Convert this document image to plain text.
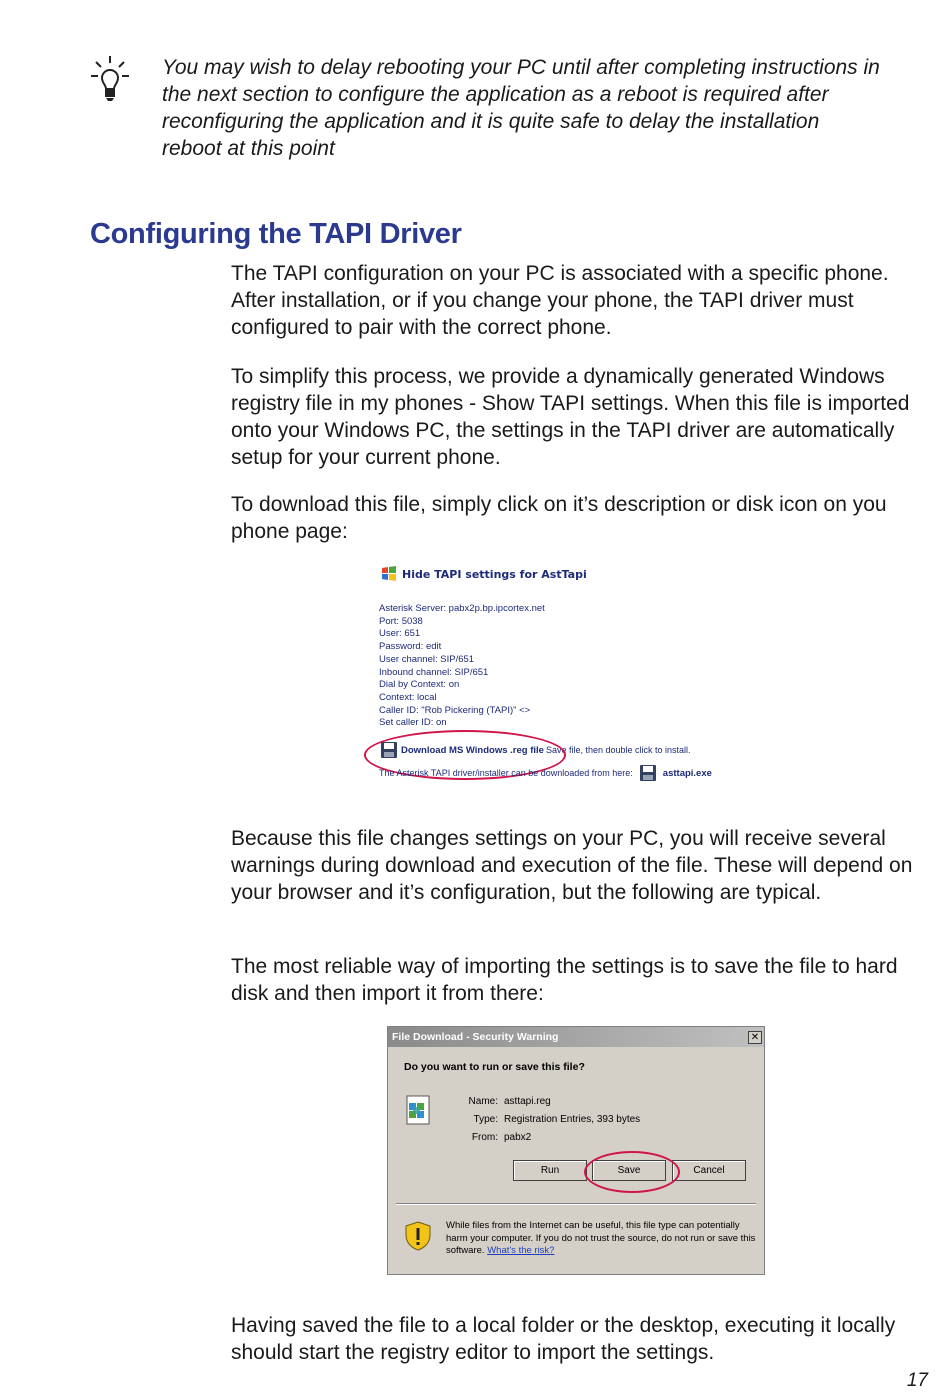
You may wish to delay rebooting your PC until after completing instructions in the next section to configure the application as a reboot is required after reconfiguring the application and it is quite safe to delay the installation reboot at this point

Configuring the TAPI Driver

The TAPI configuration on your PC is associated with a specific phone. After installation, or if you change your phone, the TAPI driver must configured to pair with the correct phone.

To simplify this process, we provide a dynamically generated Windows registry file in my phones - Show TAPI settings. When this file is imported onto your Windows PC, the settings in the TAPI driver are automatically setup for your current phone.

To download this file, simply click on it’s description or disk icon on you phone page:

Hide TAPI settings for AstTapi
Asterisk Server: pabx2p.bp.ipcortex.net
Port: 5038
User: 651
Password: edit
User channel: SIP/651
Inbound channel: SIP/651
Dial by Context: on
Context: local
Caller ID: "Rob Pickering (TAPI)" <>
Set caller ID: on
Download MS Windows .reg file Save file, then double click to install.
The Asterisk TAPI driver/installer can be downloaded from here:	asttapi.exe

Because this file changes settings on your PC, you will receive several warnings during download and execution of the file. These will depend on your browser and it’s configuration, but the following are typical.

The most reliable way of importing the settings is to save the file to hard disk and then import it from there:

File Download - Security Warning	✕
Do you want to run or save this file?
Name: asttapi.reg
Type: Registration Entries, 393 bytes
From: pabx2
Run	Save	Cancel

While files from the Internet can be useful, this file type can potentially harm your computer. If you do not trust the source, do not run or save this software. What's the risk?

Having saved the file to a local folder or the desktop, executing it locally should start the registry editor to import the settings.

17
